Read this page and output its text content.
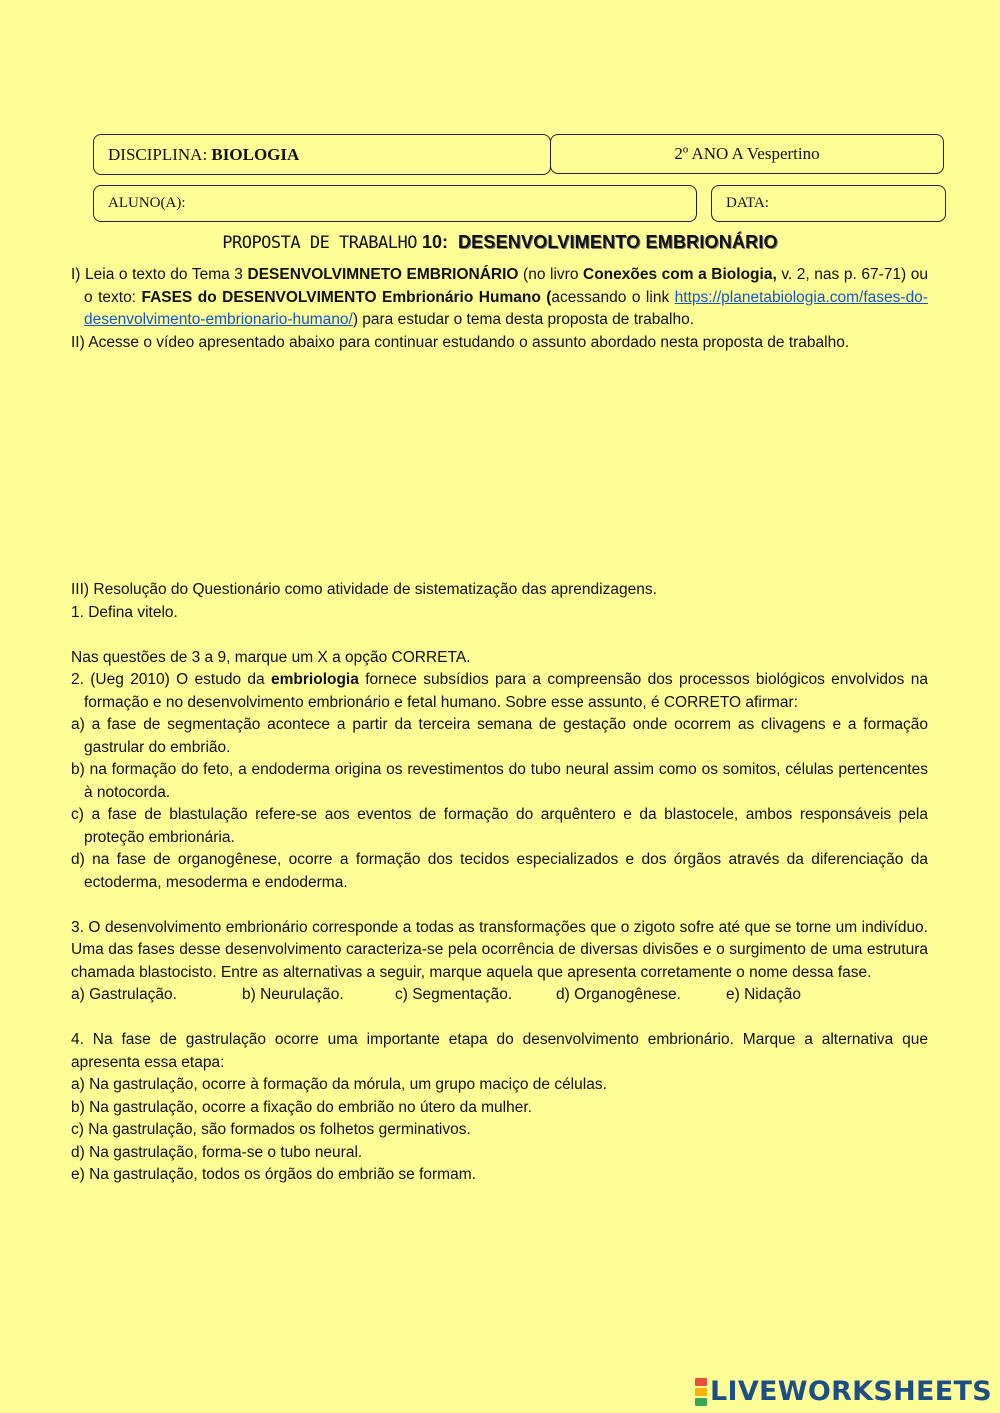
DISCIPLINA:
BIOLOGIA	2º ANO A Vespertino
ALUNO(A):	DATA:
PROPOSTA DE TRABALHO 10: DESENVOLVIMENTO EMBRIONÁRIO

I) Leia o texto do Tema 3 DESENVOLVIMNETO EMBRIONÁRIO (no livro Conexões com a Biologia, v. 2, nas p. 67-71) ou o texto: FASES do DESENVOLVIMENTO Embrionário Humano (acessando o link https://planetabiologia.com/fases-do-desenvolvimento-embrionario-humano/) para estudar o tema desta proposta de trabalho.

II) Acesse o vídeo apresentado abaixo para continuar estudando o assunto abordado nesta proposta de trabalho.

III) Resolução do Questionário como atividade de sistematização das aprendizagens.

1. Defina vitelo.

Nas questões de 3 a 9, marque um X a opção CORRETA.

2. (Ueg 2010) O estudo da embriologia fornece subsídios para a compreensão dos processos biológicos envolvidos na formação e no desenvolvimento embrionário e fetal humano. Sobre esse assunto, é CORRETO afirmar:

a) a fase de segmentação acontece a partir da terceira semana de gestação onde ocorrem as clivagens e a formação gastrular do embrião.

b) na formação do feto, a endoderma origina os revestimentos do tubo neural assim como os somitos, células pertencentes à notocorda.

c) a fase de blastulação refere-se aos eventos de formação do arquêntero e da blastocele, ambos responsáveis pela proteção embrionária.

d) na fase de organogênese, ocorre a formação dos tecidos especializados e dos órgãos através da diferenciação da ectoderma, mesoderma e endoderma.

3. O desenvolvimento embrionário corresponde a todas as transformações que o zigoto sofre até que se torne um indivíduo. Uma das fases desse desenvolvimento caracteriza-se pela ocorrência de diversas divisões e o surgimento de uma estrutura chamada blastocisto. Entre as alternativas a seguir, marque aquela que apresenta corretamente o nome dessa fase.

a) Gastrulação.	b) Neurulação.	c) Segmentação.	d) Organogênese.	e) Nidação

4. Na fase de gastrulação ocorre uma importante etapa do desenvolvimento embrionário. Marque a alternativa que apresenta essa etapa:

a) Na gastrulação, ocorre à formação da mórula, um grupo maciço de células.

b) Na gastrulação, ocorre a fixação do embrião no útero da mulher.

c) Na gastrulação, são formados os folhetos germinativos.

d) Na gastrulação, forma-se o tubo neural.

e) Na gastrulação, todos os órgãos do embrião se formam.

LIVEWORKSHEETS
